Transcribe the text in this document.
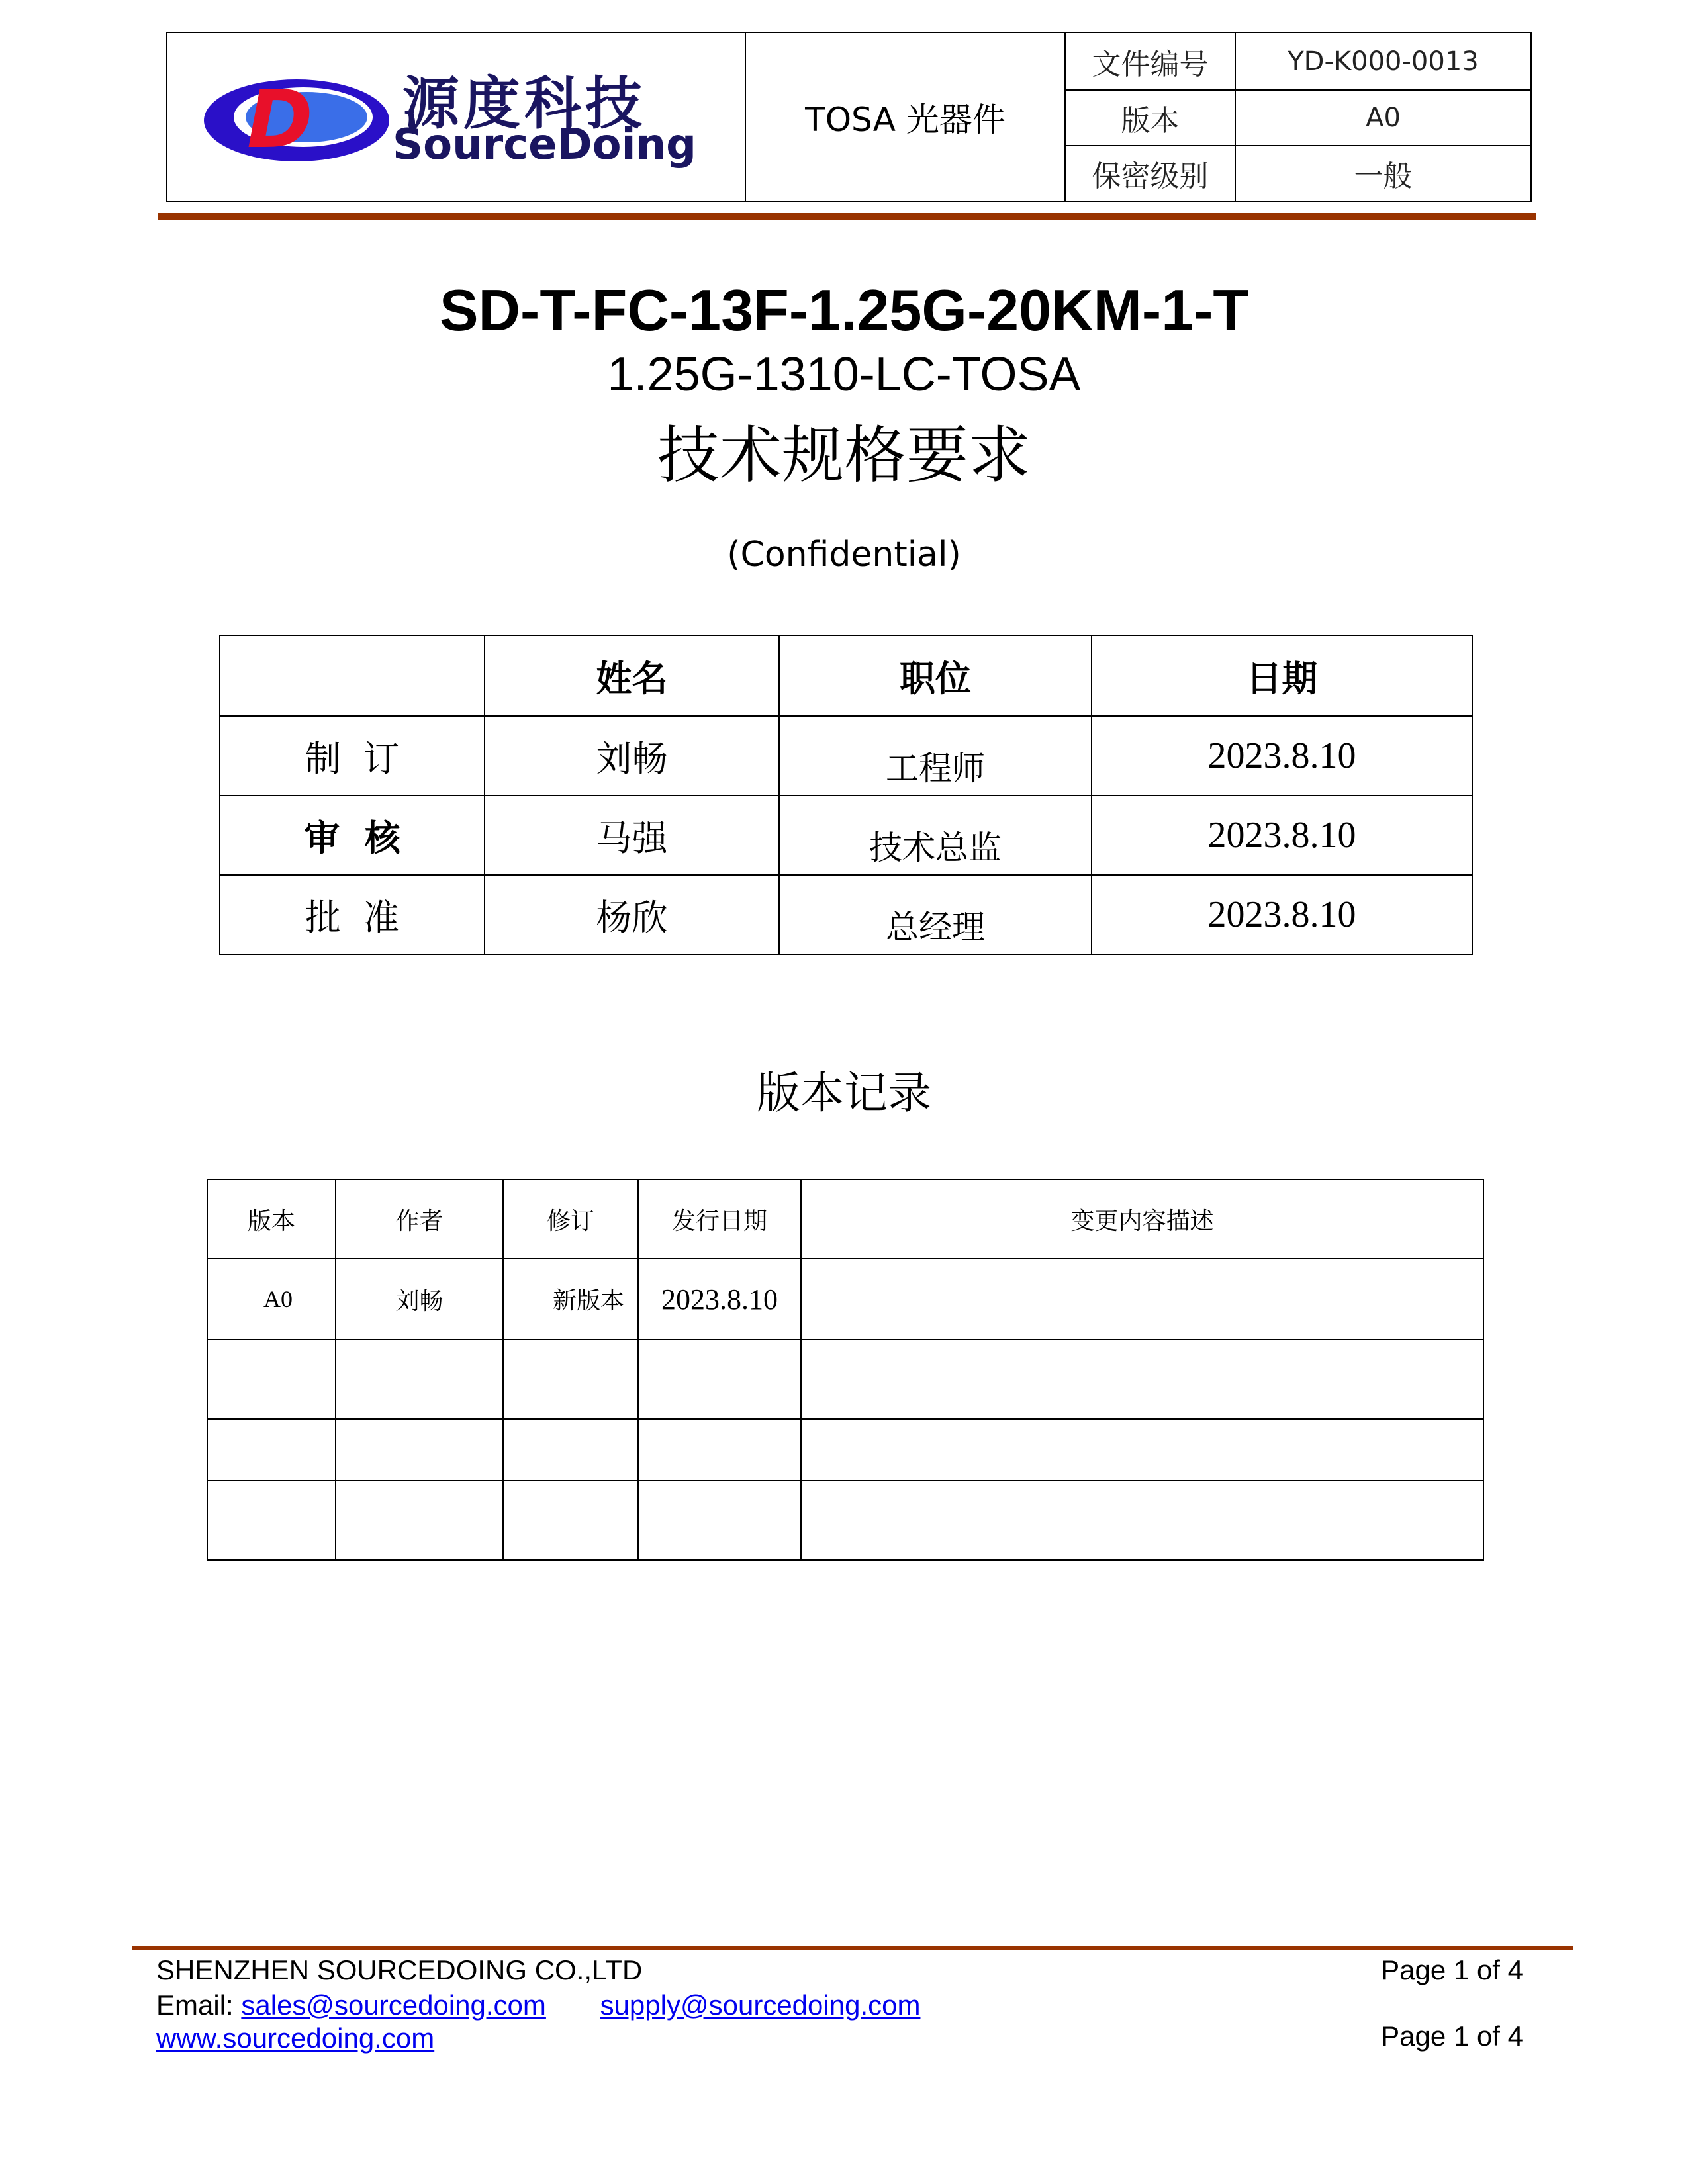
D 源度科技
SourceDoing	TOSA 光器件	文件编号	YD-K000-0013
		版本	A0
		保密级别	一般
SD-T-FC-13F-1.25G-20KM-1-T
1.25G-1310-LC-TOSA
技术规格要求
(Confidential)
	姓名	职位	日期
制  订	刘畅	工程师	2023.8.10
审  核	马强	技术总监	2023.8.10
批  准	杨欣	总经理	2023.8.10
版本记录
版本	作者	修订	发行日期	变更内容描述
A0	刘畅	新版本	2023.8.10	

SHENZHEN SOURCEDOING CO.,LTD
Email: sales@sourcedoing.com supply@sourcedoing.com
www.sourcedoing.com
Page 1 of 4
Page 1 of 4
